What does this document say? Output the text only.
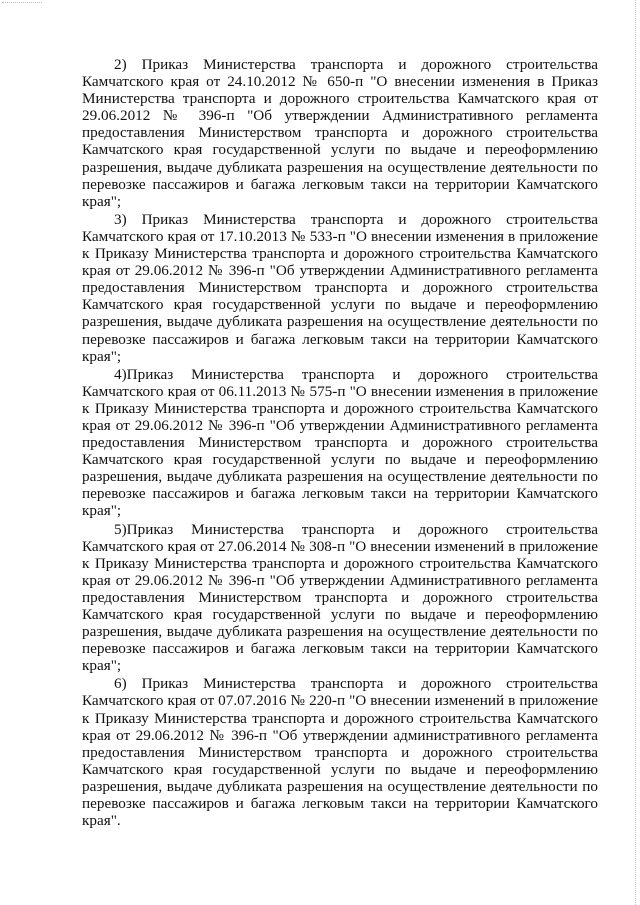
2) Приказ Министерства транспорта и дорожного строительства Камчатского края от 24.10.2012 № 650-п "О внесении изменения в Приказ Министерства транспорта и дорожного строительства Камчатского края от 29.06.2012 № 396-п "Об утверждении Административного регламента предоставления Министерством транспорта и дорожного строительства Камчатского края государственной услуги по выдаче и переоформлению разрешения, выдаче дубликата разрешения на осуществление деятельности по перевозке пассажиров и багажа легковым такси на территории Камчатского края";

3) Приказ Министерства транспорта и дорожного строительства Камчатского края от 17.10.2013 № 533-п "О внесении изменения в приложение к Приказу Министерства транспорта и дорожного строительства Камчатского края от 29.06.2012 № 396-п "Об утверждении Административного регламента предоставления Министерством транспорта и дорожного строительства Камчатского края государственной услуги по выдаче и переоформлению разрешения, выдаче дубликата разрешения на осуществление деятельности по перевозке пассажиров и багажа легковым такси на территории Камчатского края";

4)Приказ Министерства транспорта и дорожного строительства Камчатского края от 06.11.2013 № 575-п "О внесении изменения в приложение к Приказу Министерства транспорта и дорожного строительства Камчатского края от 29.06.2012 № 396-п "Об утверждении Административного регламента предоставления Министерством транспорта и дорожного строительства Камчатского края государственной услуги по выдаче и переоформлению разрешения, выдаче дубликата разрешения на осуществление деятельности по перевозке пассажиров и багажа легковым такси на территории Камчатского края";

5)Приказ Министерства транспорта и дорожного строительства Камчатского края от 27.06.2014 № 308-п "О внесении изменений в приложение к Приказу Министерства транспорта и дорожного строительства Камчатского края от 29.06.2012 № 396-п "Об утверждении Административного регламента предоставления Министерством транспорта и дорожного строительства Камчатского края государственной услуги по выдаче и переоформлению разрешения, выдаче дубликата разрешения на осуществление деятельности по перевозке пассажиров и багажа легковым такси на территории Камчатского края";

6) Приказ Министерства транспорта и дорожного строительства Камчатского края от 07.07.2016 № 220-п "О внесении изменений в приложение к Приказу Министерства транспорта и дорожного строительства Камчатского края от 29.06.2012 № 396-п "Об утверждении административного регламента предоставления Министерством транспорта и дорожного строительства Камчатского края государственной услуги по выдаче и переоформлению разрешения, выдаче дубликата разрешения на осуществление деятельности по перевозке пассажиров и багажа легковым такси на территории Камчатского края".
